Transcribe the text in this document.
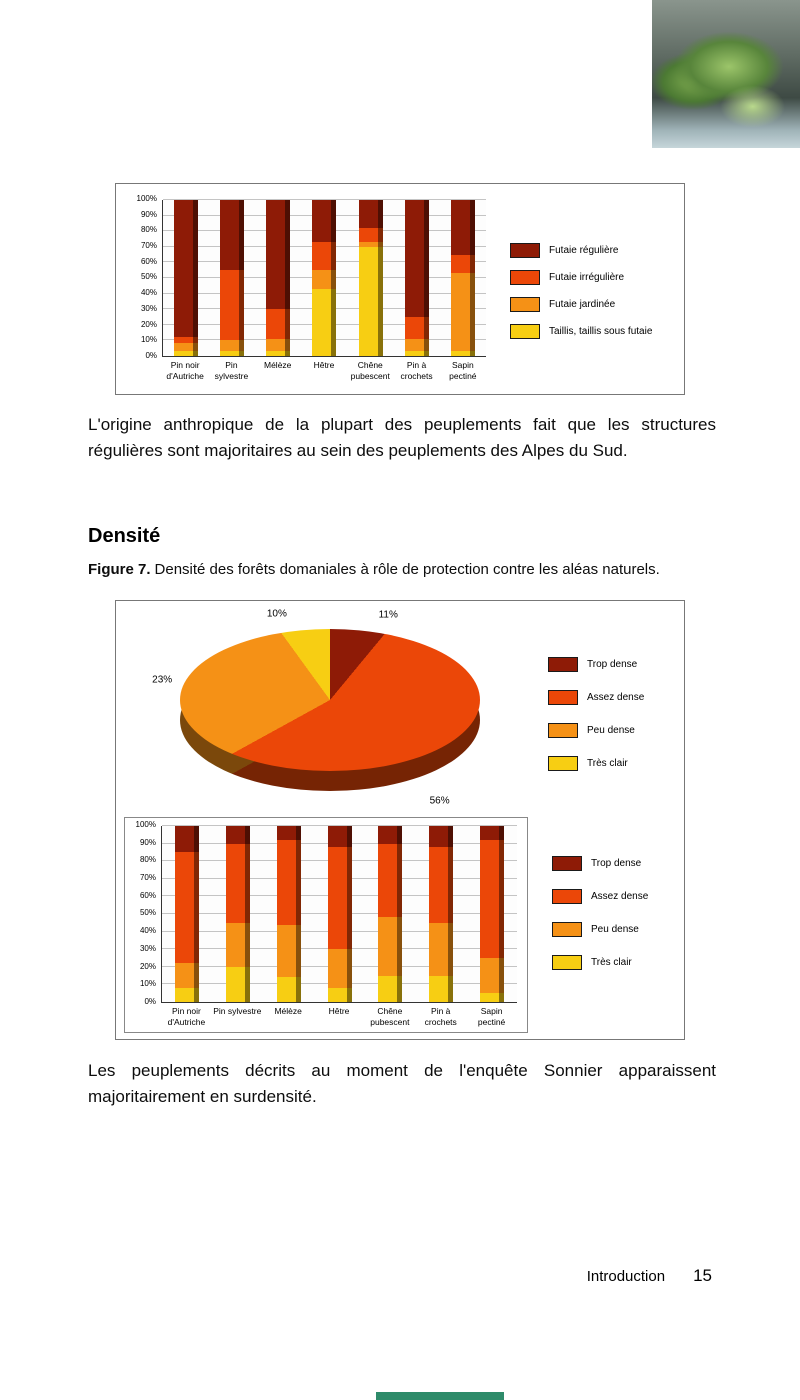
0%
10%
20%
30%
40%
50%
60%
70%
80%
90%
100%
Pin noir
d'Autriche
Pin sylvestre
Mélèze	Hêtre	Chêne
pubescent
Pin à
crochets
Sapin
pectiné
Futaie régulière
Futaie irrégulière
Futaie jardinée
Taillis, taillis sous futaie

L'origine anthropique de la plupart des peuplements fait que les structures régulières sont majoritaires au sein des peuplements des Alpes du Sud.

Densité

Figure 7. Densité des forêts domaniales à rôle de protection contre les aléas naturels.

11%
56%
23%
10%
Trop dense
Assez dense
Peu dense
Très clair
0%
10%
20%
30%
40%
50%
60%
70%
80%
90%
100%
Pin noir
d'Autriche
Pin sylvestre	Mélèze	Hêtre	Chêne
pubescent
Pin à
crochets
Sapin
pectiné
Trop dense
Assez dense
Peu dense
Très clair

Les peuplements décrits au moment de l'enquête Sonnier apparaissent majoritairement en surdensité.

Introduction 15
